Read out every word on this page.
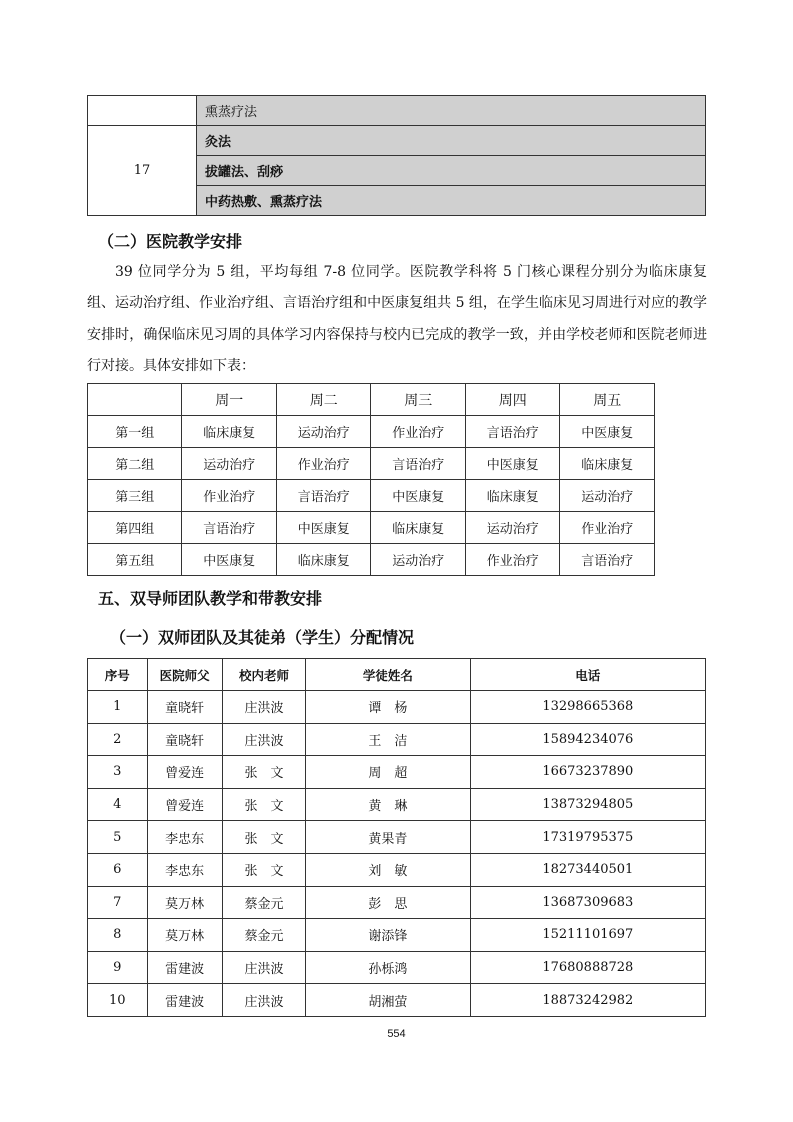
	熏蒸疗法
17	灸法
	拔罐法、刮痧
	中药热敷、熏蒸疗法
（二）医院教学安排
39 位同学分为 5 组，平均每组 7-8 位同学。医院教学科将 5 门核心课程分别分为临床康复组、运动治疗组、作业治疗组、言语治疗组和中医康复组共 5 组，在学生临床见习周进行对应的教学安排时，确保临床见习周的具体学习内容保持与校内已完成的教学一致，并由学校老师和医院老师进行对接。具体安排如下表：
	周一	周二	周三	周四	周五
第一组	临床康复	运动治疗	作业治疗	言语治疗	中医康复
第二组	运动治疗	作业治疗	言语治疗	中医康复	临床康复
第三组	作业治疗	言语治疗	中医康复	临床康复	运动治疗
第四组	言语治疗	中医康复	临床康复	运动治疗	作业治疗
第五组	中医康复	临床康复	运动治疗	作业治疗	言语治疗
五、双导师团队教学和带教安排
（一）双师团队及其徒弟（学生）分配情况
序号	医院师父	校内老师	学徒姓名	电话
1	童晓轩	庄洪波	谭　杨	13298665368
2	童晓轩	庄洪波	王　洁	15894234076
3	曾爱连	张　文	周　超	16673237890
4	曾爱连	张　文	黄　琳	13873294805
5	李忠东	张　文	黄果青	17319795375
6	李忠东	张　文	刘　敏	18273440501
7	莫万林	蔡金元	彭　思	13687309683
8	莫万林	蔡金元	谢添锋	15211101697
9	雷建波	庄洪波	孙栎鸿	17680888728
10	雷建波	庄洪波	胡湘萤	18873242982
554
